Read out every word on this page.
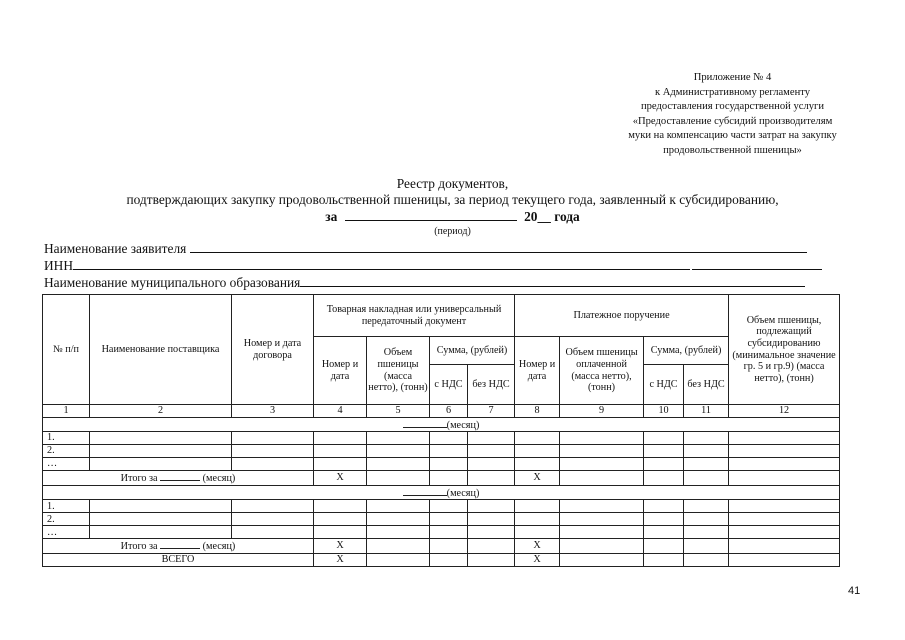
Приложение № 4
к Административному регламенту
предоставления государственной услуги
«Предоставление субсидий производителям
муки на компенсацию части затрат на закупку
продовольственной пшеницы»
Реестр документов,
подтверждающих закупку продовольственной пшеницы, за период текущего года, заявленный к субсидированию,
за	20__ года
(период)
Наименование заявителя
ИНН
Наименование муниципального образования
№ п/п	Наименование поставщика	Номер и дата договора	Товарная накладная или универсальный передаточный документ				Платежное поручение				Объем пшеницы, подлежащий субсидированию (минимальное значение гр. 5 и гр.9) (масса нетто), (тонн)
			Номер и дата	Объем пшеницы (масса нетто), (тонн)	Сумма, (рублей)		Номер и дата	Объем пшеницы оплаченной (масса нетто), (тонн)	Сумма, (рублей)		
					с НДС	без НДС			с НДС	без НДС	
1	2	3	4	5	6	7	8	9	10	11	12
(месяц)											
1.											
2.											
…											
Итого за (месяц)			X				X				
(месяц)											
1.											
2.											
…											
Итого за (месяц)			X				X				
ВСЕГО			X				X				
41
